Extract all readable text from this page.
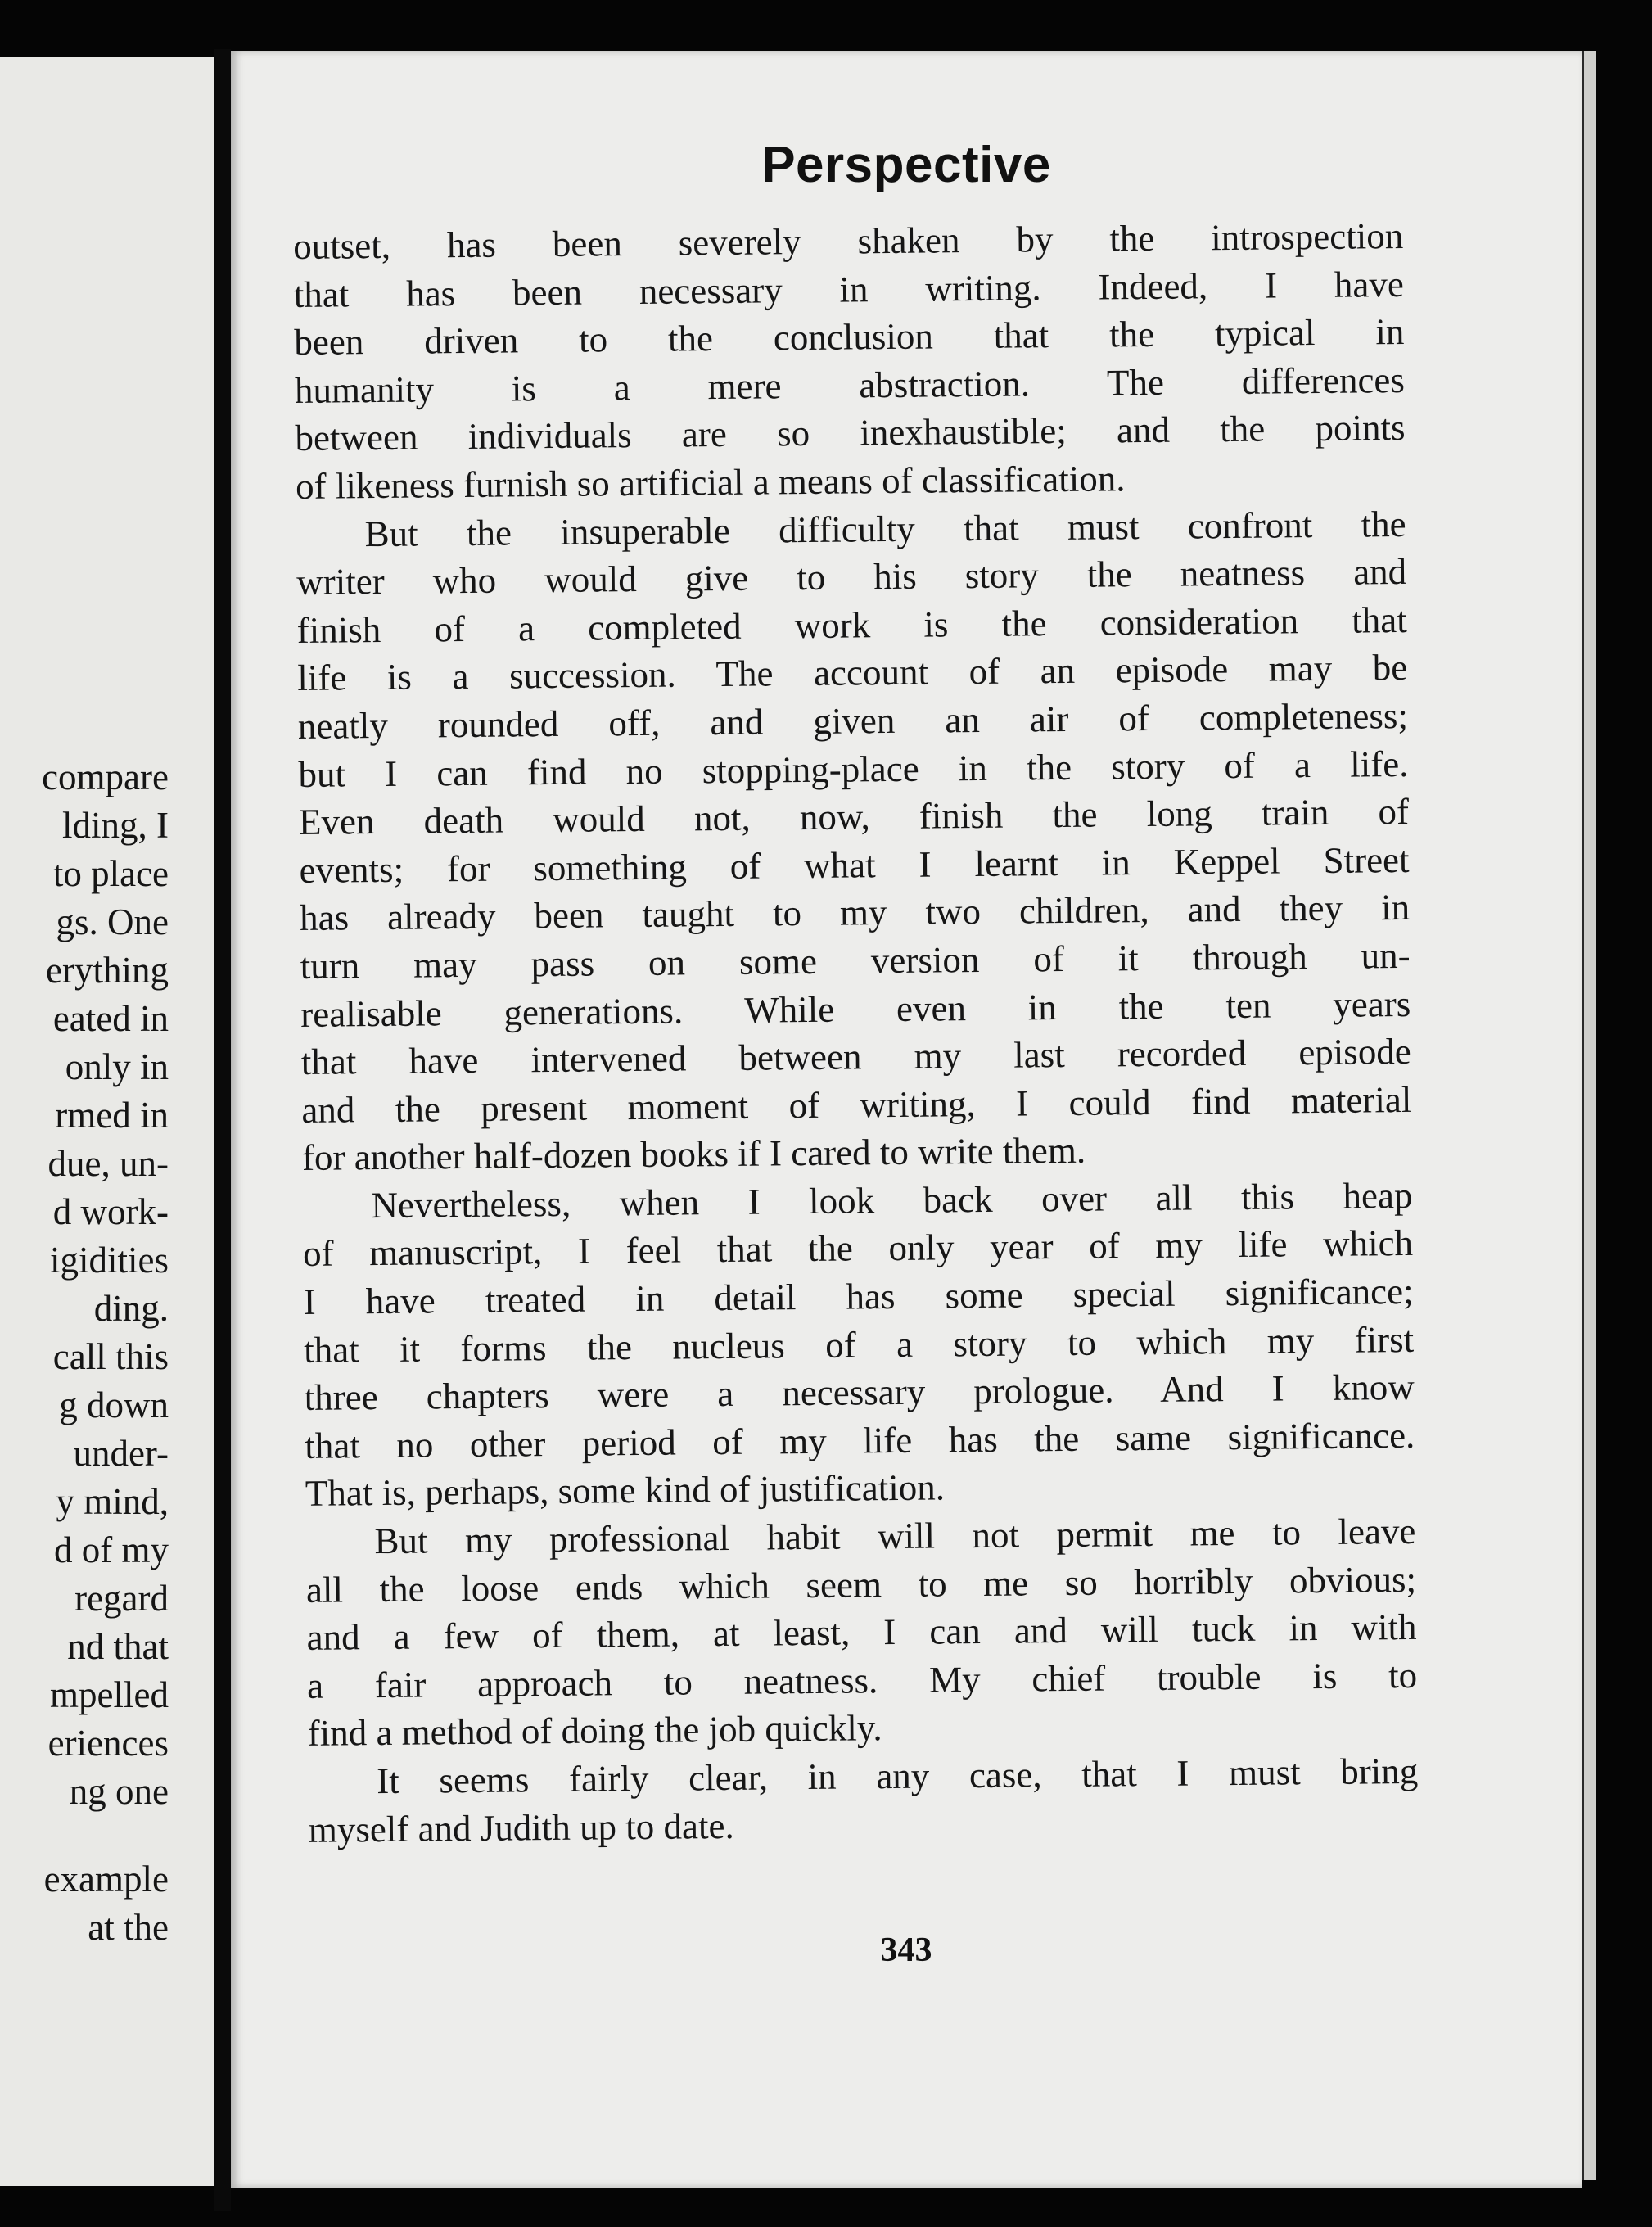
compare
lding, I
to place
gs. One
erything
eated in
only in
rmed in
due, un-
d work-
igidities
ding.
call this
g down
under-
y mind,
d of my
regard
nd that
mpelled
eriences
ng one
example
at the
Perspective
outset, has been severely shaken by the introspection
that has been necessary in writing. Indeed, I have
been driven to the conclusion that the typical in
humanity is a mere abstraction. The differences
between individuals are so inexhaustible; and the points
of likeness furnish so artificial a means of classification.
But the insuperable difficulty that must confront the
writer who would give to his story the neatness and
finish of a completed work is the consideration that
life is a succession. The account of an episode may be
neatly rounded off, and given an air of completeness;
but I can find no stopping-place in the story of a life.
Even death would not, now, finish the long train of
events; for something of what I learnt in Keppel Street
has already been taught to my two children, and they in
turn may pass on some version of it through un-
realisable generations. While even in the ten years
that have intervened between my last recorded episode
and the present moment of writing, I could find material
for another half-dozen books if I cared to write them.
Nevertheless, when I look back over all this heap
of manuscript, I feel that the only year of my life which
I have treated in detail has some special significance;
that it forms the nucleus of a story to which my first
three chapters were a necessary prologue. And I know
that no other period of my life has the same significance.
That is, perhaps, some kind of justification.
But my professional habit will not permit me to leave
all the loose ends which seem to me so horribly obvious;
and a few of them, at least, I can and will tuck in with
a fair approach to neatness. My chief trouble is to
find a method of doing the job quickly.
It seems fairly clear, in any case, that I must bring
myself and Judith up to date.
343
